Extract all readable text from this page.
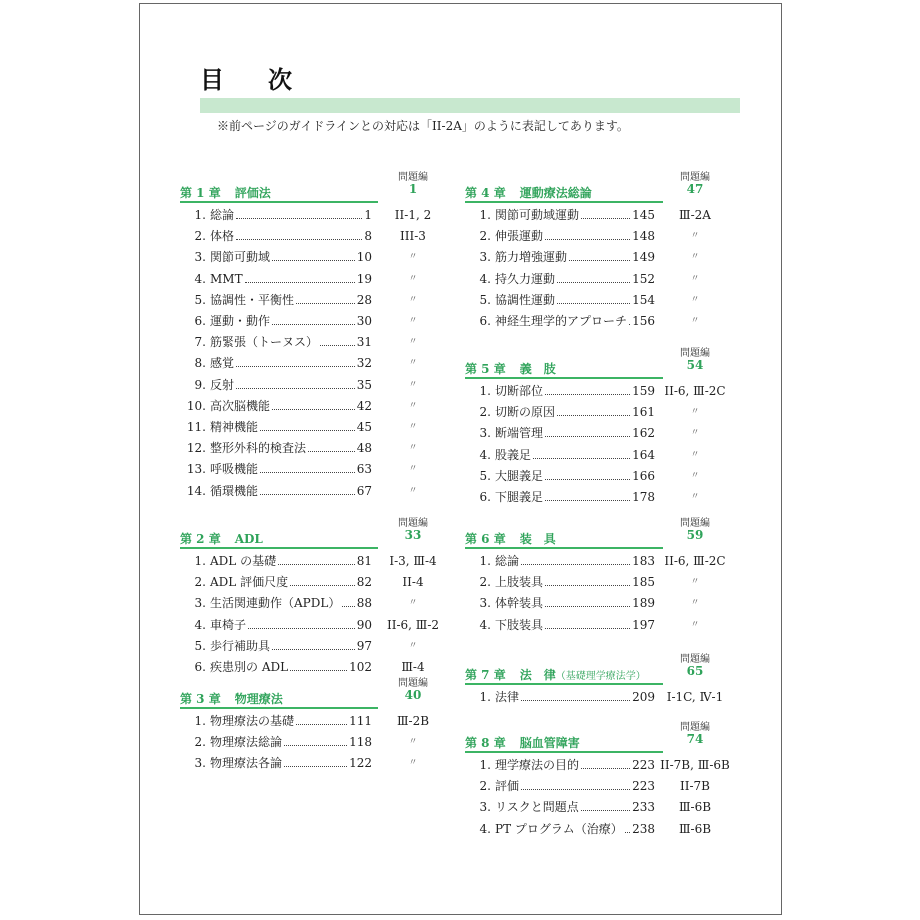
目 次
※前ページのガイドラインとの対応は「II-2A」のように表記してあります。
問題編
1
第 1 章 評価法
1. 総論	1	II-1, 2
2. 体格	8	III-3
3. 関節可動域	10	〃
4. MMT	19	〃
5. 協調性・平衡性	28	〃
6. 運動・動作	30	〃
7. 筋緊張（トーヌス）	31	〃
8. 感覚	32	〃
9. 反射	35	〃
10. 高次脳機能	42	〃
11. 精神機能	45	〃
12. 整形外科的検査法	48	〃
13. 呼吸機能	63	〃
14. 循環機能	67	〃
問題編
33
第 2 章 ADL
1. ADL の基礎	81	I-3, Ⅲ-4
2. ADL 評価尺度	82	II-4
3. 生活関連動作（APDL） 88	〃
4. 車椅子	90	II-6, Ⅲ-2
5. 歩行補助具	97	〃
6. 疾患別の ADL	102	Ⅲ-4
問題編
40
第 3 章 物理療法
1. 物理療法の基礎	111	Ⅲ-2B
2. 物理療法総論	118	〃
3. 物理療法各論	122	〃
問題編
47
第 4 章 運動療法総論
1. 関節可動域運動	145	Ⅲ-2A
2. 伸張運動	148	〃
3. 筋力増強運動	149	〃
4. 持久力運動	152	〃
5. 協調性運動	154	〃
6. 神経生理学的アプローチ 156	〃
問題編
54
第 5 章 義　肢
1. 切断部位	159 II-6, Ⅲ-2C
2. 切断の原因	161	〃
3. 断端管理	162	〃
4. 股義足	164	〃
5. 大腿義足	166	〃
6. 下腿義足	178	〃
問題編
59
第 6 章 装　具
1. 総論	183 II-6, Ⅲ-2C
2. 上肢装具	185	〃
3. 体幹装具	189	〃
4. 下肢装具	197	〃
問題編
65
第 7 章 法　律（基礎理学療法学）
1. 法律	209 I-1C, Ⅳ-1
問題編
74
第 8 章 脳血管障害
1. 理学療法の目的	223 II-7B, Ⅲ-6B
2. 評価	223	II-7B
3. リスクと問題点	233	Ⅲ-6B
4. PT プログラム（治療） 238	Ⅲ-6B
